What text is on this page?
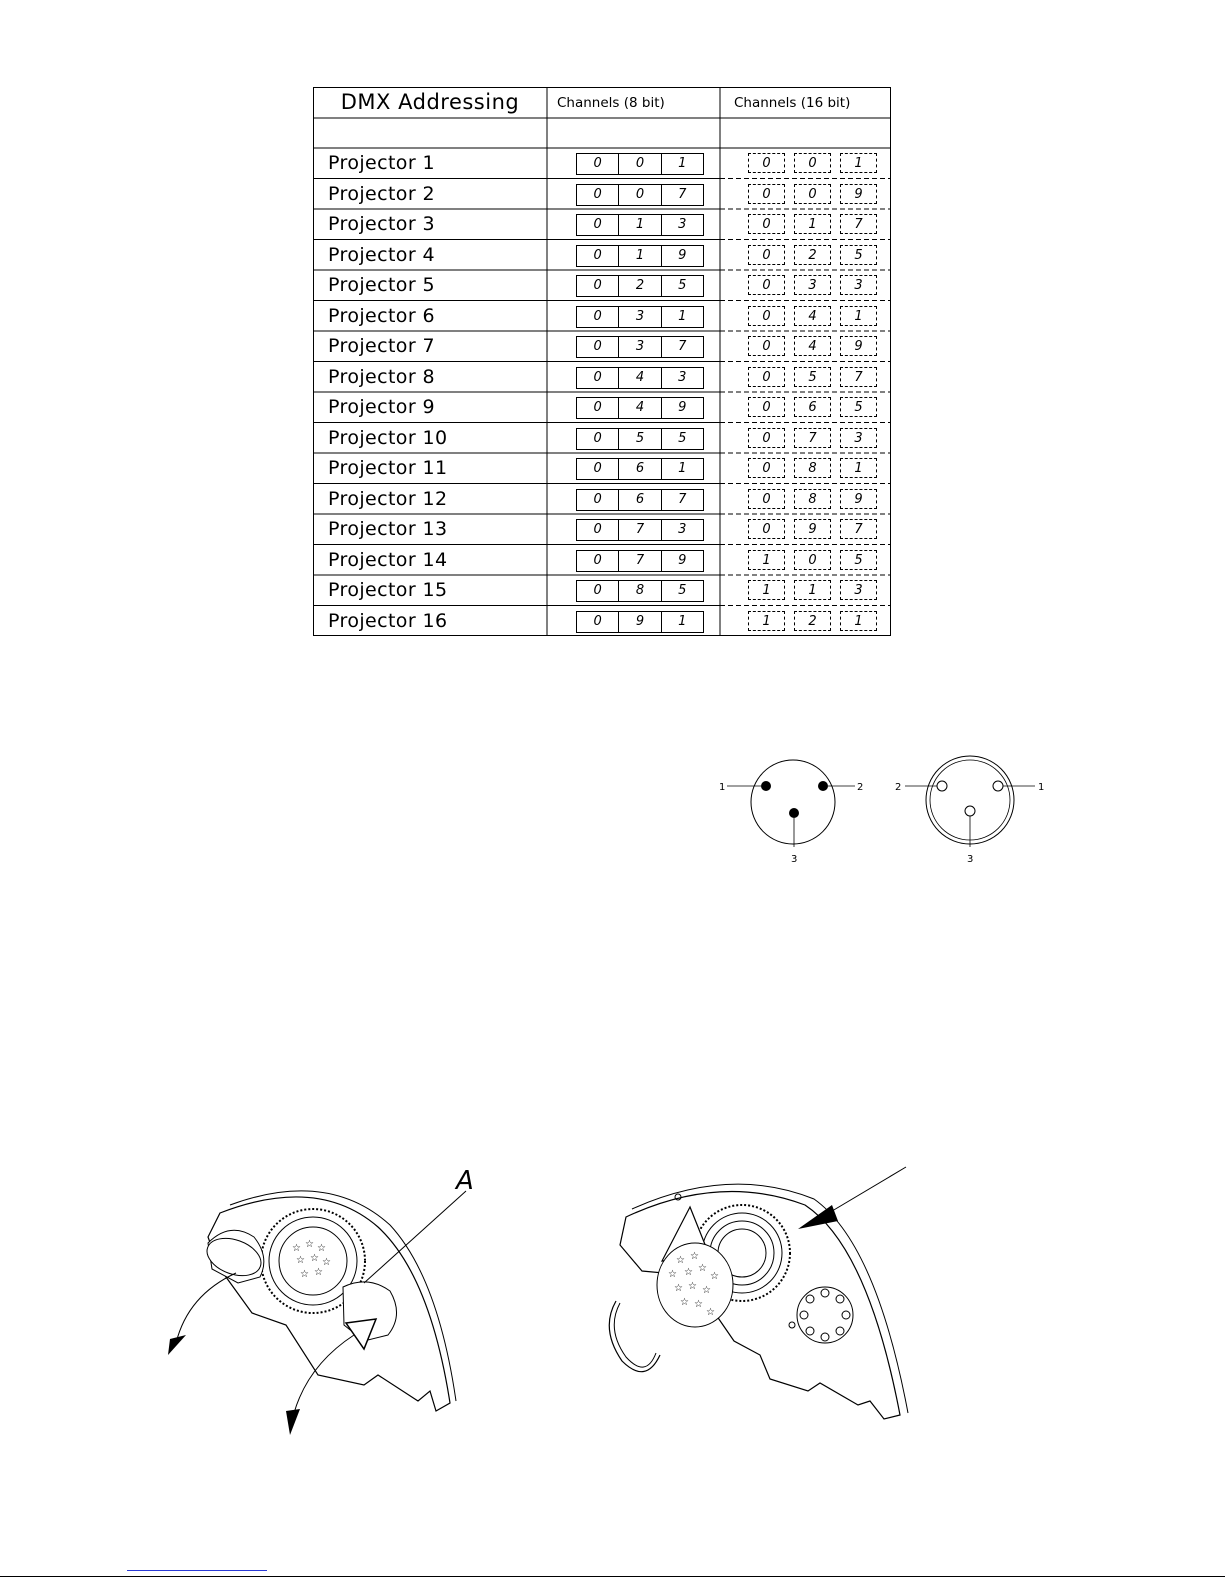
DMX Addressing	Channels (8 bit)	Channels (16 bit)
Projector 1	0	0	1	0	0	1
Projector 2	0	0	7	0	0	9
Projector 3	0	1	3	0	1	7
Projector 4	0	1	9	0	2	5
Projector 5	0	2	5	0	3	3
Projector 6	0	3	1	0	4	1
Projector 7	0	3	7	0	4	9
Projector 8	0	4	3	0	5	7
Projector 9	0	4	9	0	6	5
Projector 10	0	5	5	0	7	3
Projector 11	0	6	1	0	8	1
Projector 12	0	6	7	0	8	9
Projector 13	0	7	3	0	9	7
Projector 14	0	7	9	1	0	5
Projector 15	0	8	5	1	1	3
Projector 16	0	9	1	1	2	1
1	2
3
2	1
3
☆ ☆ ☆
☆ ☆ ☆
☆ ☆
A
☆ ☆
☆ ☆ ☆
☆
☆ ☆ ☆
☆ ☆
☆
